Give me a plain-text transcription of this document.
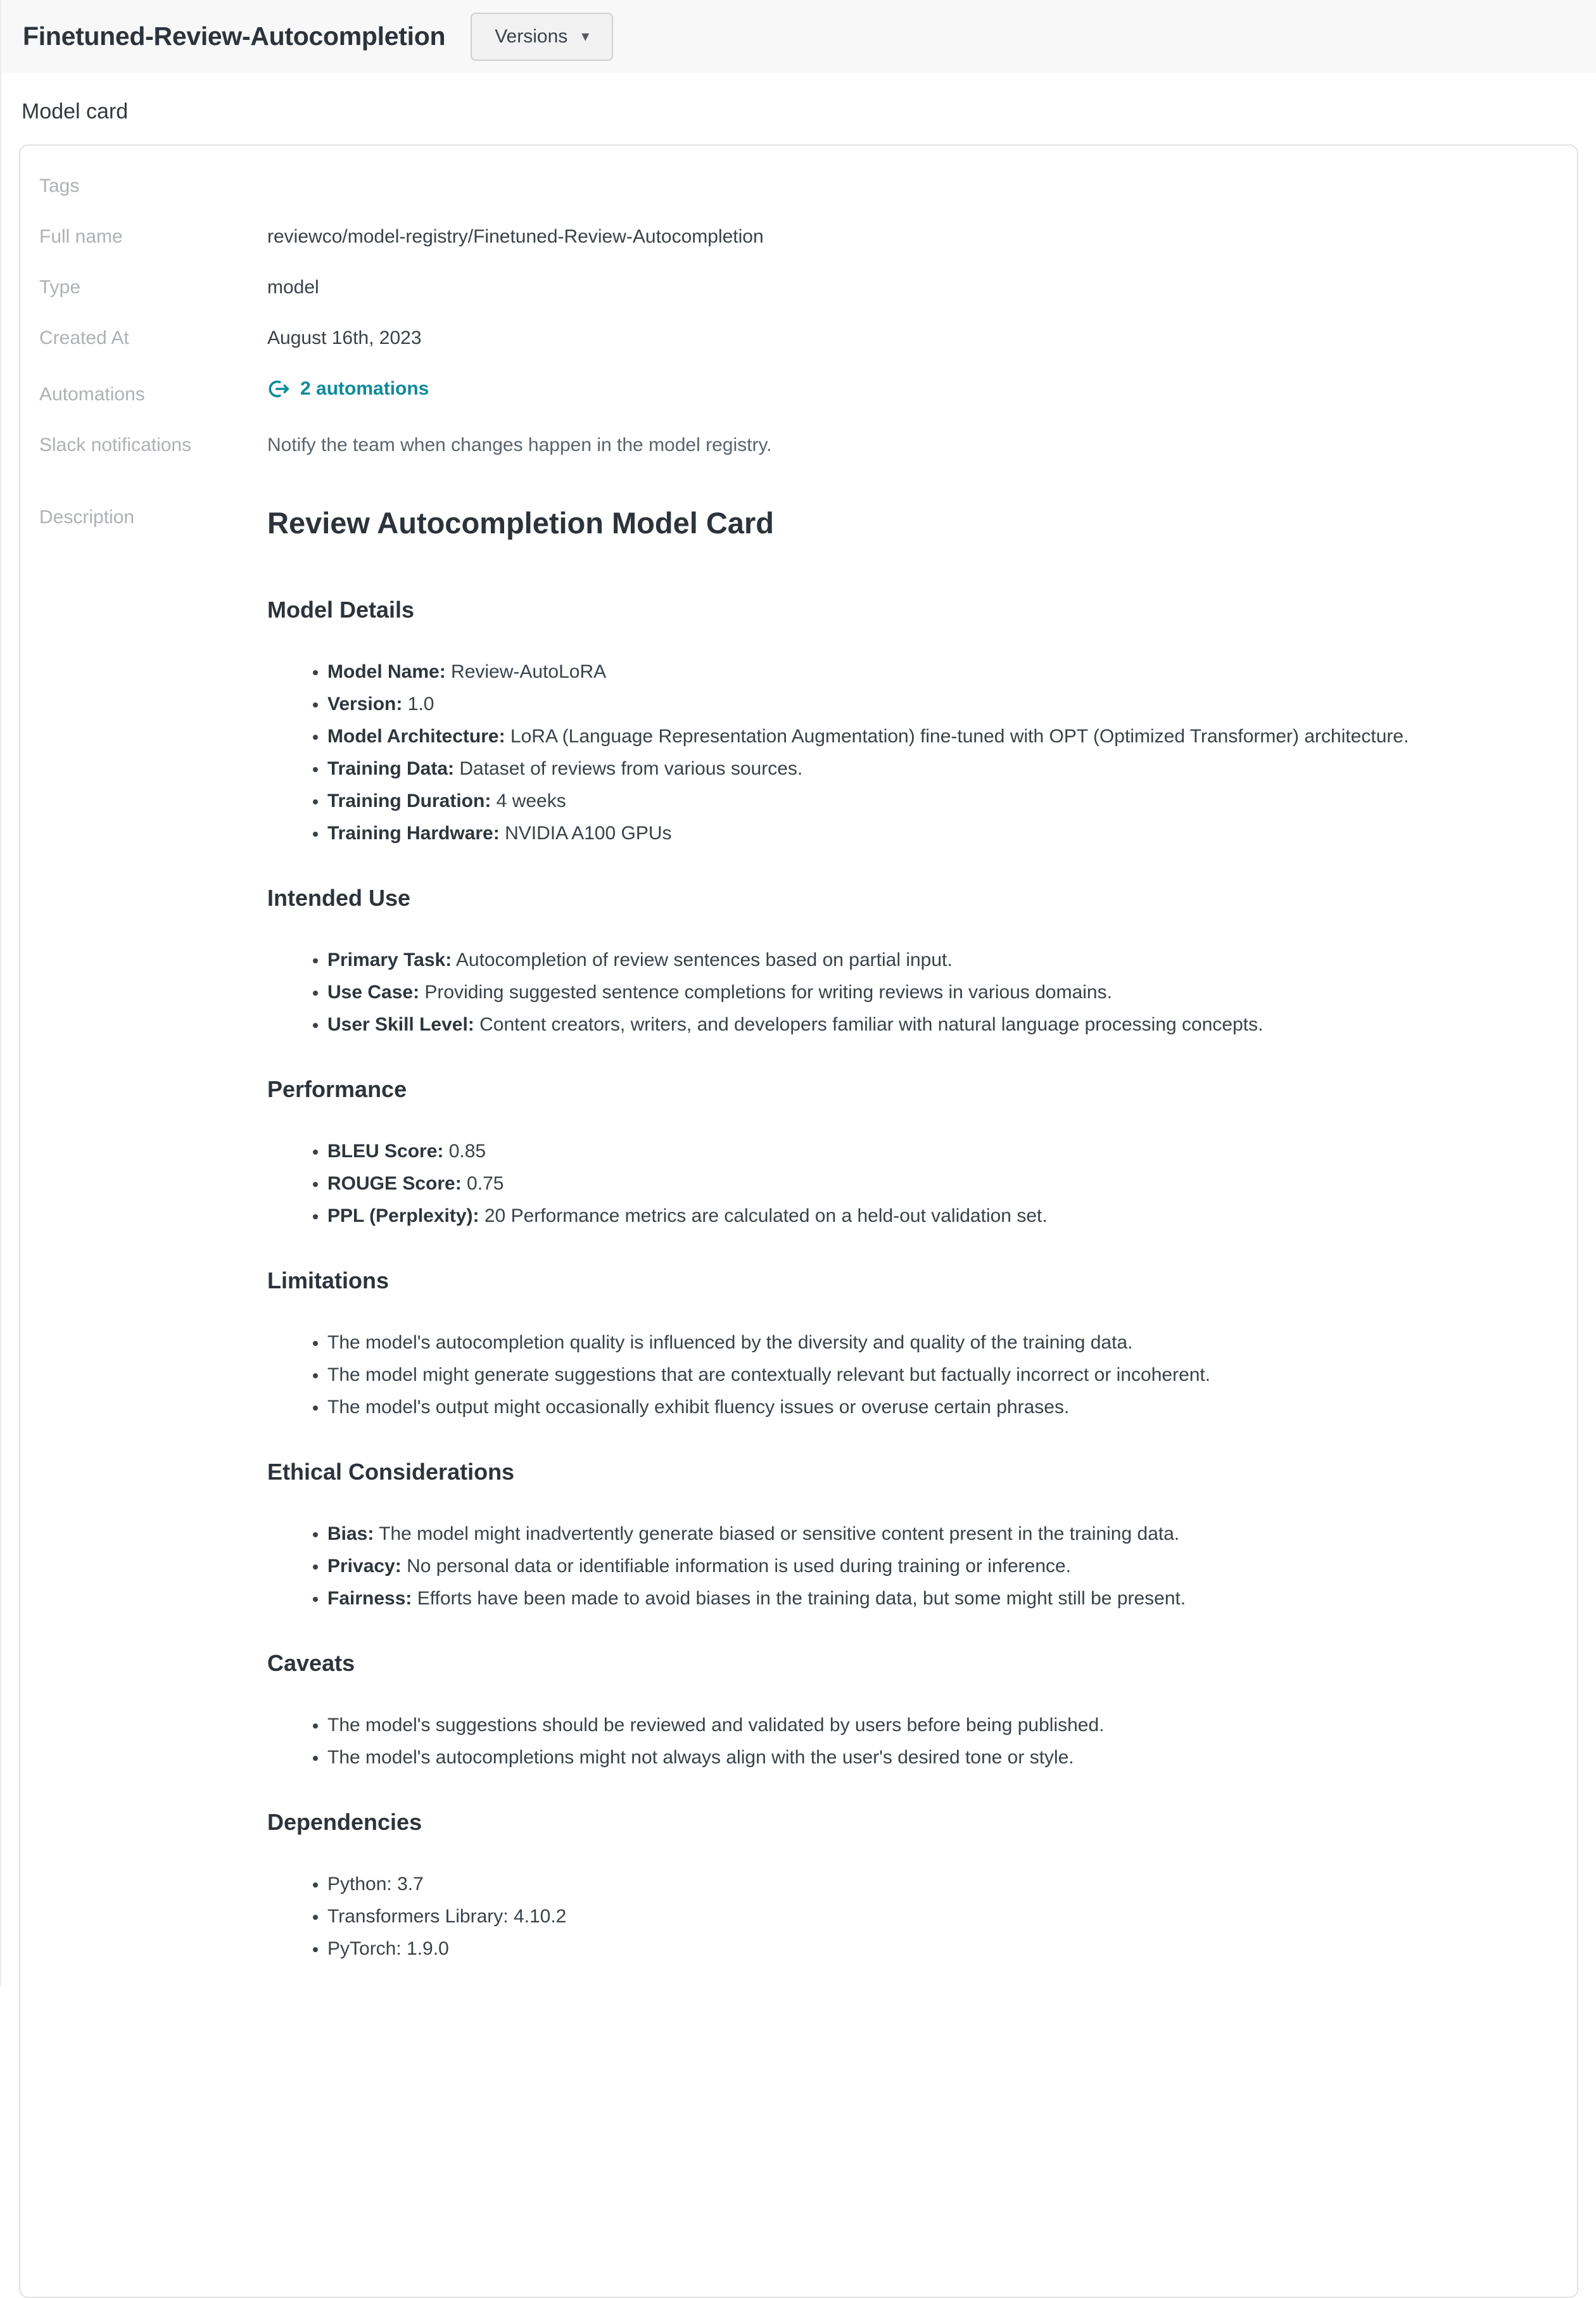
Finetuned-Review-Autocompletion	Versions ▾
Model card
Tags
Full name	reviewco/model-registry/Finetuned-Review-Autocompletion
Type	model
Created At	August 16th, 2023
Automations	2 automations
Slack notifications	Notify the team when changes happen in the model registry.
Description	Review Autocompletion Model Card
Model Details
• Model Name: Review-AutoLoRA
• Version: 1.0
• Model Architecture: LoRA (Language Representation Augmentation) fine-tuned with OPT (Optimized Transformer) architecture.
• Training Data: Dataset of reviews from various sources.
• Training Duration: 4 weeks
• Training Hardware: NVIDIA A100 GPUs
Intended Use
• Primary Task: Autocompletion of review sentences based on partial input.
• Use Case: Providing suggested sentence completions for writing reviews in various domains.
• User Skill Level: Content creators, writers, and developers familiar with natural language processing concepts.
Performance
• BLEU Score: 0.85
• ROUGE Score: 0.75
• PPL (Perplexity): 20 Performance metrics are calculated on a held-out validation set.
Limitations
• The model's autocompletion quality is influenced by the diversity and quality of the training data.
• The model might generate suggestions that are contextually relevant but factually incorrect or incoherent.
• The model's output might occasionally exhibit fluency issues or overuse certain phrases.
Ethical Considerations
• Bias: The model might inadvertently generate biased or sensitive content present in the training data.
• Privacy: No personal data or identifiable information is used during training or inference.
• Fairness: Efforts have been made to avoid biases in the training data, but some might still be present.
Caveats
• The model's suggestions should be reviewed and validated by users before being published.
• The model's autocompletions might not always align with the user's desired tone or style.
Dependencies
• Python: 3.7
• Transformers Library: 4.10.2
• PyTorch: 1.9.0
